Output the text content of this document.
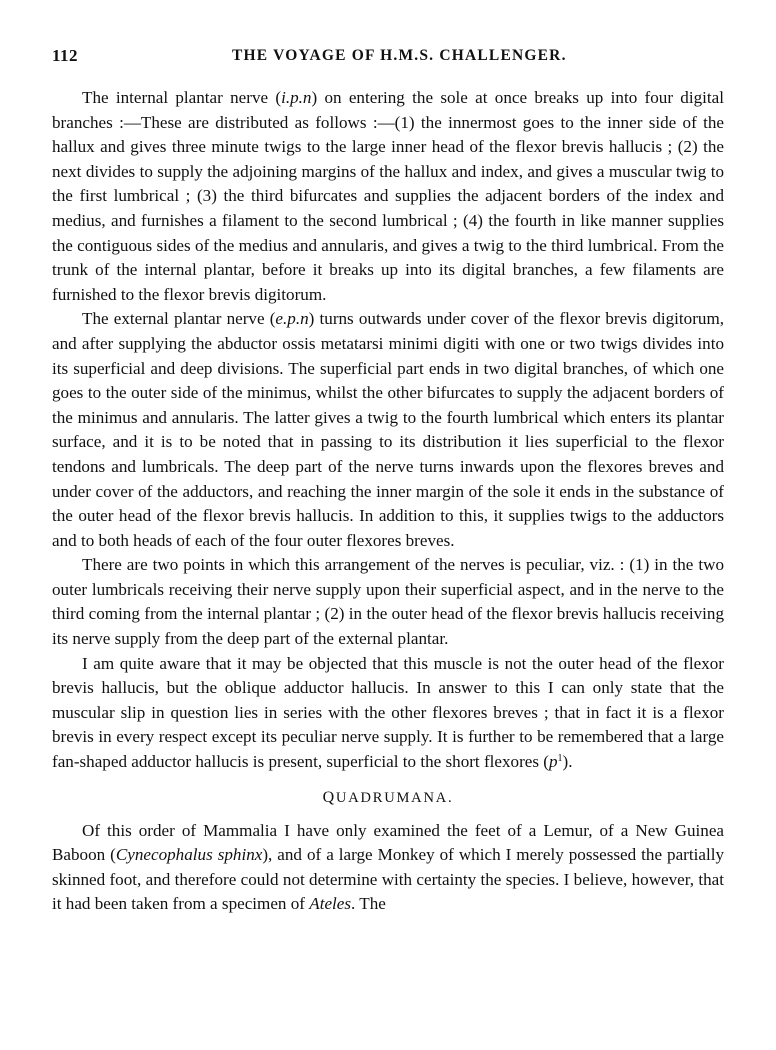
112	THE VOYAGE OF H.M.S. CHALLENGER.

The internal plantar nerve (i.p.n) on entering the sole at once breaks up into four digital branches :—These are distributed as follows :—(1) the innermost goes to the inner side of the hallux and gives three minute twigs to the large inner head of the flexor brevis hallucis ; (2) the next divides to supply the adjoining margins of the hallux and index, and gives a muscular twig to the first lumbrical ; (3) the third bifurcates and supplies the adjacent borders of the index and medius, and furnishes a filament to the second lumbrical ; (4) the fourth in like manner supplies the contiguous sides of the medius and annularis, and gives a twig to the third lumbrical. From the trunk of the internal plantar, before it breaks up into its digital branches, a few filaments are furnished to the flexor brevis digitorum.

The external plantar nerve (e.p.n) turns outwards under cover of the flexor brevis digitorum, and after supplying the abductor ossis metatarsi minimi digiti with one or two twigs divides into its superficial and deep divisions. The superficial part ends in two digital branches, of which one goes to the outer side of the minimus, whilst the other bifurcates to supply the adjacent borders of the minimus and annularis. The latter gives a twig to the fourth lumbrical which enters its plantar surface, and it is to be noted that in passing to its distribution it lies superficial to the flexor tendons and lumbricals. The deep part of the nerve turns inwards upon the flexores breves and under cover of the adductors, and reaching the inner margin of the sole it ends in the substance of the outer head of the flexor brevis hallucis. In addition to this, it supplies twigs to the adductors and to both heads of each of the four outer flexores breves.

There are two points in which this arrangement of the nerves is peculiar, viz. : (1) in the two outer lumbricals receiving their nerve supply upon their superficial aspect, and in the nerve to the third coming from the internal plantar ; (2) in the outer head of the flexor brevis hallucis receiving its nerve supply from the deep part of the external plantar.

I am quite aware that it may be objected that this muscle is not the outer head of the flexor brevis hallucis, but the oblique adductor hallucis. In answer to this I can only state that the muscular slip in question lies in series with the other flexores breves ; that in fact it is a flexor brevis in every respect except its peculiar nerve supply. It is further to be remembered that a large fan-shaped adductor hallucis is present, superficial to the short flexores $(p^1)$.

QUADRUMANA.

Of this order of Mammalia I have only examined the feet of a Lemur, of a New Guinea Baboon (Cynecophalus sphinx), and of a large Monkey of which I merely possessed the partially skinned foot, and therefore could not determine with certainty the species. I believe, however, that it had been taken from a specimen of Ateles. The
